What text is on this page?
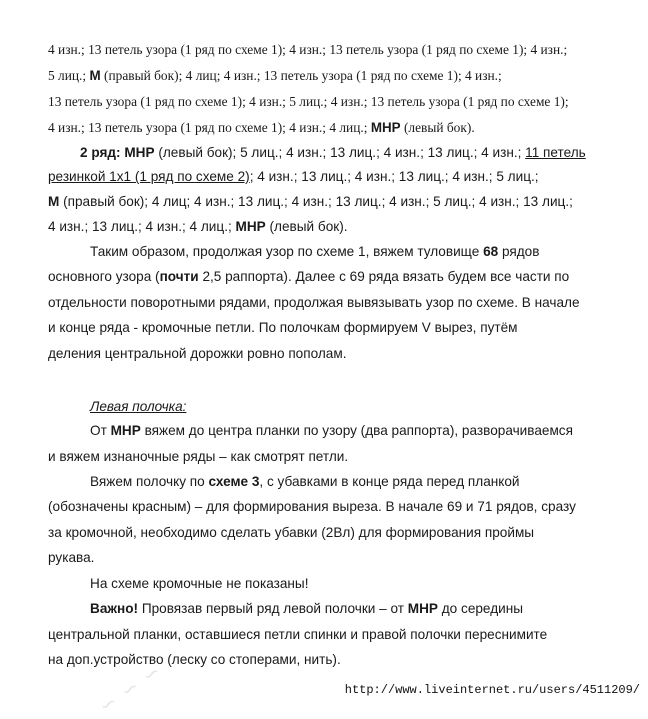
4 изн.; 13 петель узора (1 ряд по схеме 1); 4 изн.; 13 петель узора (1 ряд по схеме 1); 4 изн.;
5 лиц.; М (правый бок); 4 лиц; 4 изн.; 13 петель узора (1 ряд по схеме 1); 4 изн.;
13 петель узора (1 ряд по схеме 1); 4 изн.; 5 лиц.; 4 изн.; 13 петель узора (1 ряд по схеме 1);
4 изн.; 13 петель узора (1 ряд по схеме 1); 4 изн.; 4 лиц.; МНР (левый бок).
2 ряд: МНР (левый бок); 5 лиц.; 4 изн.; 13 лиц.; 4 изн.; 13 лиц.; 4 изн.; 11 петель
резинкой 1х1 (1 ряд по схеме 2); 4 изн.; 13 лиц.; 4 изн.; 13 лиц.; 4 изн.; 5 лиц.;
М (правый бок); 4 лиц; 4 изн.; 13 лиц.; 4 изн.; 13 лиц.; 4 изн.; 5 лиц.; 4 изн.; 13 лиц.;
4 изн.; 13 лиц.; 4 изн.; 4 лиц.; МНР (левый бок).
Таким образом, продолжая узор по схеме 1, вяжем туловище 68 рядов
основного узора (почти 2,5 раппорта). Далее с 69 ряда вязать будем все части по
отдельности поворотными рядами, продолжая вывязывать узор по схеме. В начале
и конце ряда - кромочные петли. По полочкам формируем V вырез, путём
деления центральной дорожки ровно пополам.
Левая полочка:
От МНР вяжем до центра планки по узору (два раппорта), разворачиваемся
и вяжем изнаночные ряды – как смотрят петли.
Вяжем полочку по схеме 3, с убавками в конце ряда перед планкой
(обозначены красным) – для формирования выреза. В начале 69 и 71 рядов, сразу
за кромочной, необходимо сделать убавки (2Вл) для формирования проймы
рукава.
На схеме кромочные не показаны!
Важно! Провязав первый ряд левой полочки – от МНР до середины
центральной планки, оставшиеся петли спинки и правой полочки переснимите
на доп.устройство (леску со стоперами, нить).
∽ ∽ ∽	http://www.liveinternet.ru/users/4511209/
